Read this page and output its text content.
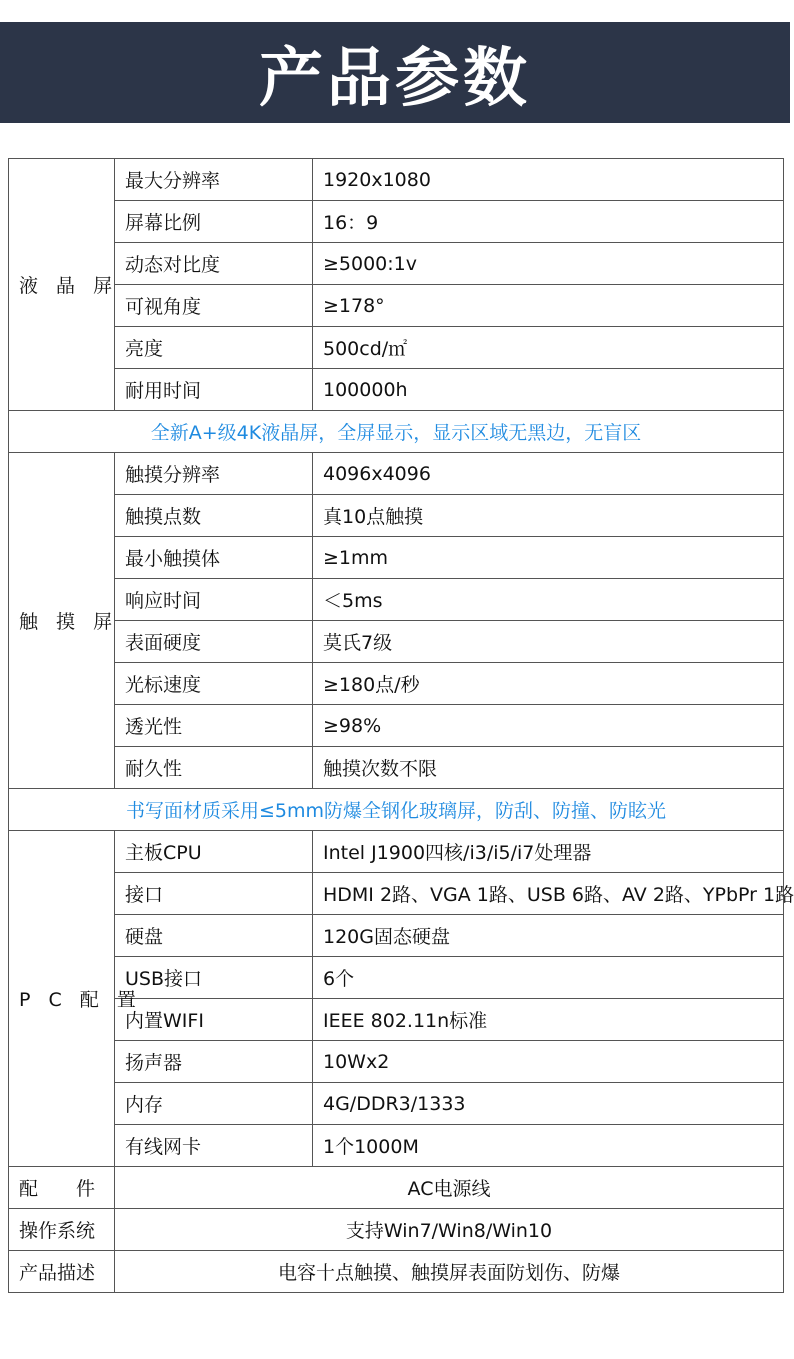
产品参数
液 晶 屏	最大分辨率	1920x1080
	屏幕比例	16：9
	动态对比度	≥5000:1v
	可视角度	≥178°
	亮度	500cd/㎡
	耐用时间	100000h
全新A+级4K液晶屏，全屏显示，显示区域无黑边，无盲区		
触 摸 屏	触摸分辨率	4096x4096
	触摸点数	真10点触摸
	最小触摸体	≥1mm
	响应时间	＜5ms
	表面硬度	莫氏7级
	光标速度	≥180点/秒
	透光性	≥98%
	耐久性	触摸次数不限
书写面材质采用≤5mm防爆全钢化玻璃屏，防刮、防撞、防眩光		
P C 配 置	主板CPU	Intel J1900四核/i3/i5/i7处理器
	接口	HDMI 2路、VGA 1路、USB 6路、AV 2路、YPbPr 1路
	硬盘	120G固态硬盘
	USB接口	6个
	内置WIFI	IEEE 802.11n标准
	扬声器	10Wx2
	内存	4G/DDR3/1333
	有线网卡	1个1000M
配　　件	AC电源线	
操作系统	支持Win7/Win8/Win10	
产品描述	电容十点触摸、触摸屏表面防划伤、防爆	
